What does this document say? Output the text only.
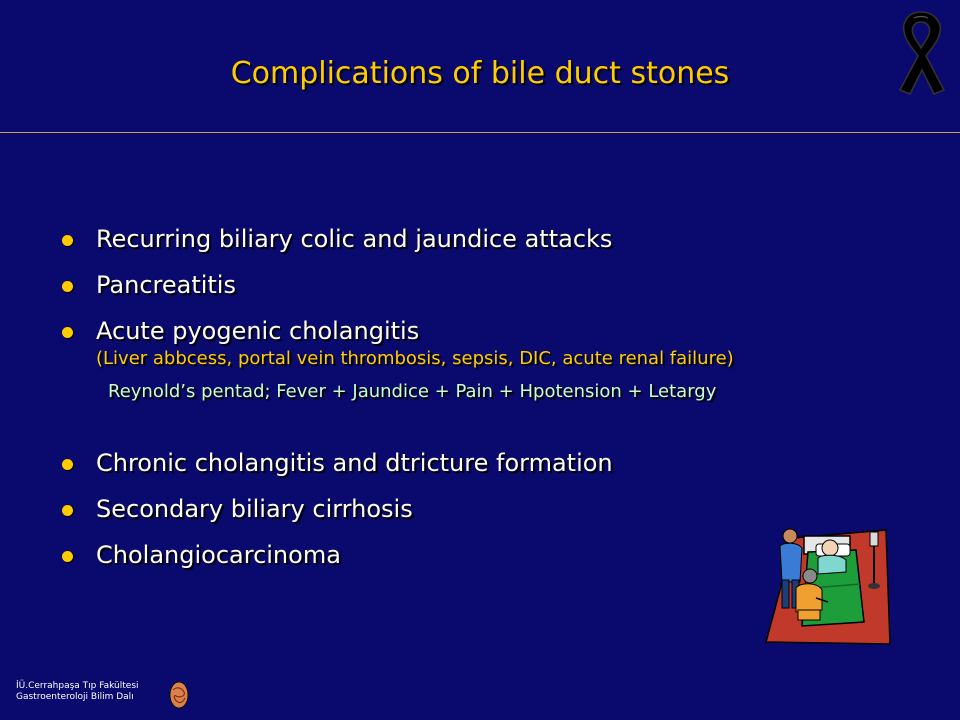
Complications of bile duct stones
Recurring biliary colic and jaundice attacks
Pancreatitis
Acute pyogenic cholangitis
(Liver abbcess, portal vein thrombosis, sepsis, DIC, acute renal failure)
Reynold’s pentad; Fever + Jaundice + Pain + Hpotension + Letargy
Chronic cholangitis and dtricture formation
Secondary biliary cirrhosis
Cholangiocarcinoma
İÜ.Cerrahpaşa Tıp Fakültesi
Gastroenteroloji Bilim Dalı
